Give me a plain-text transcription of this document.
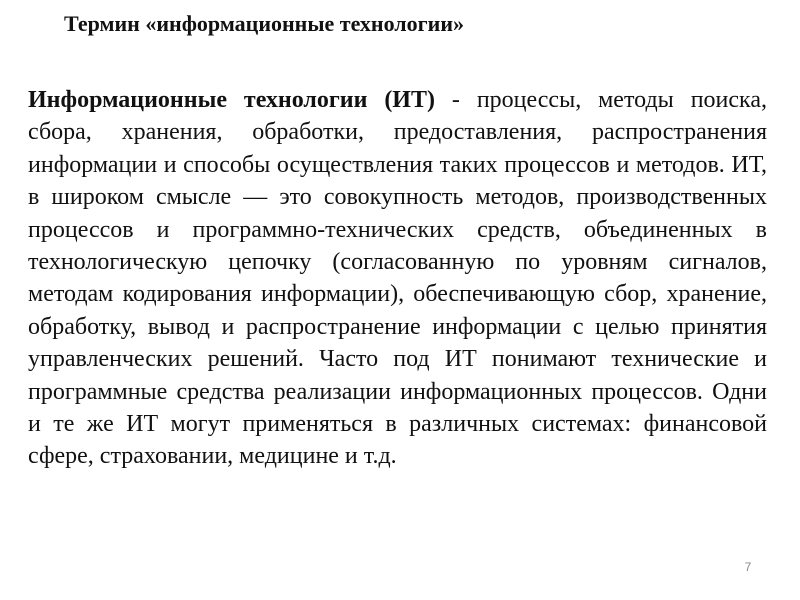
Термин «информационные технологии»

Информационные технологии (ИТ) - процессы, методы поиска, сбора, хранения, обработки, предоставления, распространения информации и способы осуществления таких процессов и методов. ИТ, в широком смысле — это совокупность методов, производственных процессов и программно-технических средств, объединенных в технологическую цепочку (согласованную по уровням сигналов, методам кодирования информации), обеспечивающую сбор, хранение, обработку, вывод и распространение информации с целью принятия управленческих решений. Часто под ИТ понимают технические и программные средства реализации информационных процессов. Одни и те же ИТ могут применяться в различных системах: финансовой сфере, страховании, медицине и т.д.

7
